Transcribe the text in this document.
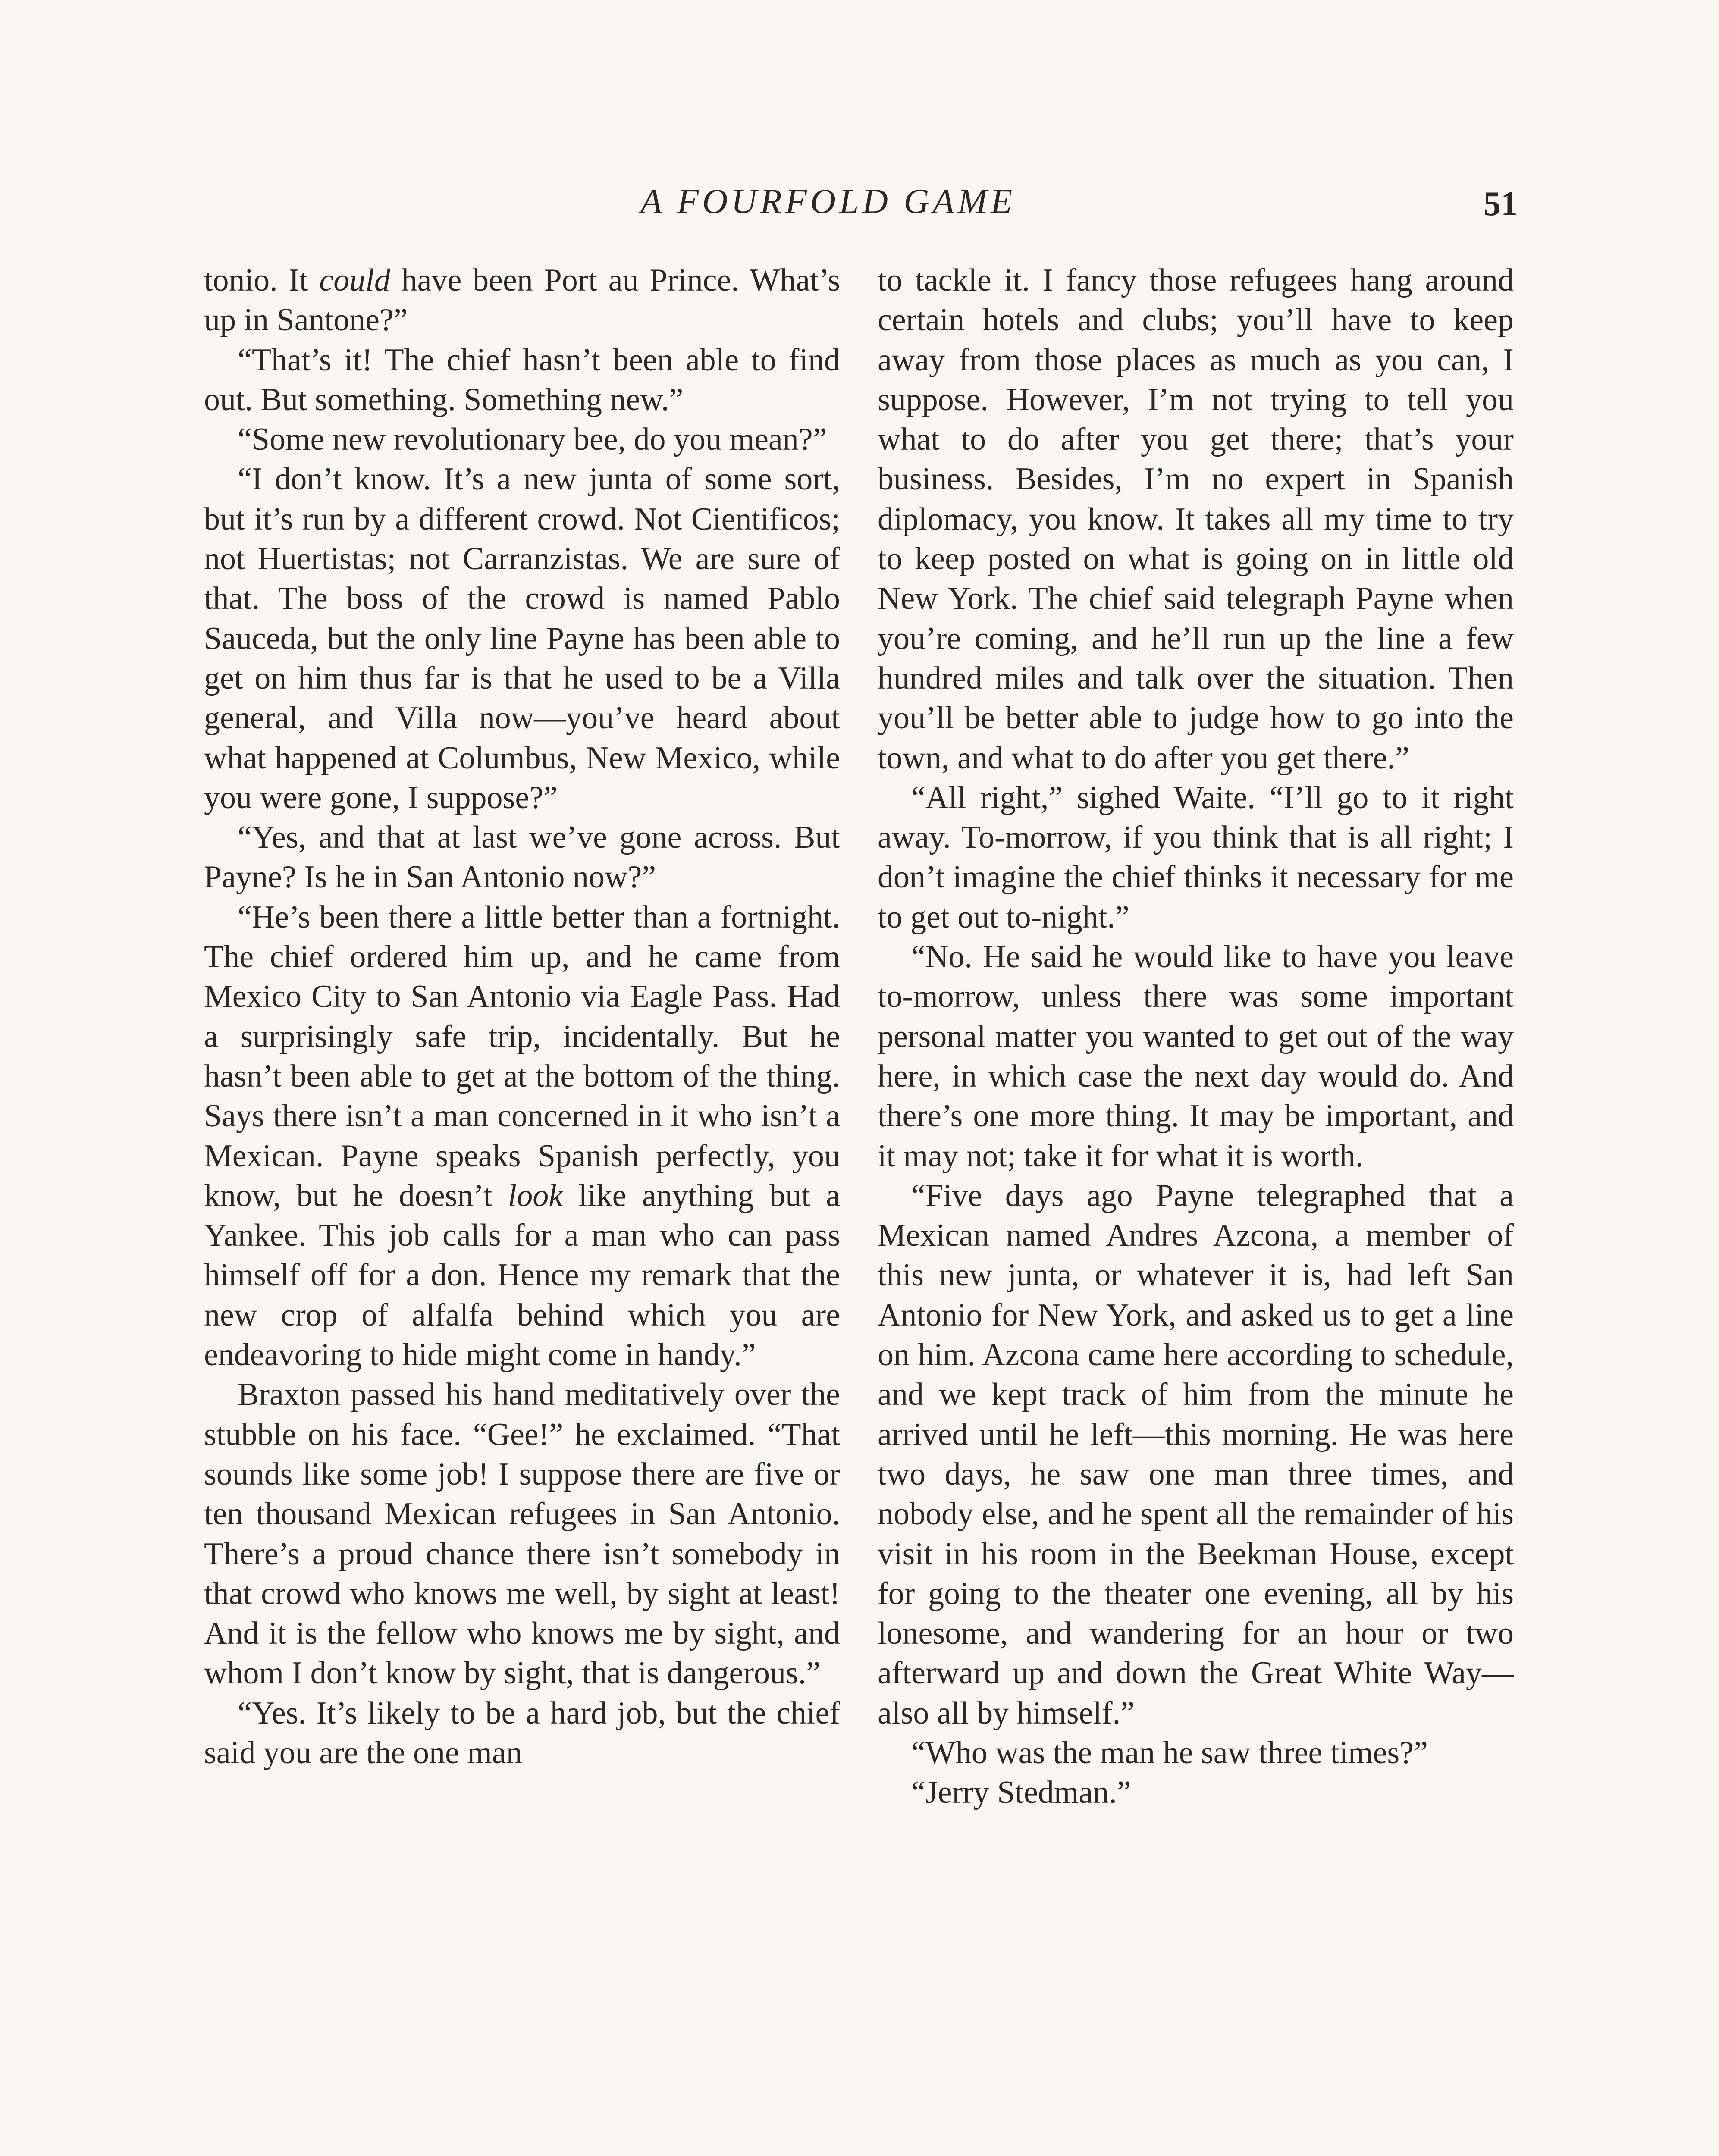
A FOURFOLD GAME	51

tonio. It could have been Port au Prince. What’s up in Santone?”

“That’s it! The chief hasn’t been able to find out. But something. Something new.”

“Some new revolutionary bee, do you mean?”

“I don’t know. It’s a new junta of some sort, but it’s run by a different crowd. Not Cientificos; not Huertistas; not Carranzistas. We are sure of that. The boss of the crowd is named Pablo Sauceda, but the only line Payne has been able to get on him thus far is that he used to be a Villa general, and Villa now—you’ve heard about what happened at Columbus, New Mexico, while you were gone, I suppose?”

“Yes, and that at last we’ve gone across. But Payne? Is he in San Antonio now?”

“He’s been there a little better than a fortnight. The chief ordered him up, and he came from Mexico City to San Antonio via Eagle Pass. Had a surprisingly safe trip, incidentally. But he hasn’t been able to get at the bottom of the thing. Says there isn’t a man concerned in it who isn’t a Mexican. Payne speaks Spanish perfectly, you know, but he doesn’t look like anything but a Yankee. This job calls for a man who can pass himself off for a don. Hence my remark that the new crop of alfalfa behind which you are endeavoring to hide might come in handy.”

Braxton passed his hand meditatively over the stubble on his face. “Gee!” he exclaimed. “That sounds like some job! I suppose there are five or ten thousand Mexican refugees in San Antonio. There’s a proud chance there isn’t somebody in that crowd who knows me well, by sight at least! And it is the fellow who knows me by sight, and whom I don’t know by sight, that is dangerous.”

“Yes. It’s likely to be a hard job, but the chief said you are the one man

to tackle it. I fancy those refugees hang around certain hotels and clubs; you’ll have to keep away from those places as much as you can, I suppose. However, I’m not trying to tell you what to do after you get there; that’s your business. Besides, I’m no expert in Spanish diplomacy, you know. It takes all my time to try to keep posted on what is going on in little old New York. The chief said telegraph Payne when you’re coming, and he’ll run up the line a few hundred miles and talk over the situation. Then you’ll be better able to judge how to go into the town, and what to do after you get there.”

“All right,” sighed Waite. “I’ll go to it right away. To-morrow, if you think that is all right; I don’t imagine the chief thinks it necessary for me to get out to-night.”

“No. He said he would like to have you leave to-morrow, unless there was some important personal matter you wanted to get out of the way here, in which case the next day would do. And there’s one more thing. It may be important, and it may not; take it for what it is worth.

“Five days ago Payne telegraphed that a Mexican named Andres Azcona, a member of this new junta, or whatever it is, had left San Antonio for New York, and asked us to get a line on him. Azcona came here according to schedule, and we kept track of him from the minute he arrived until he left—this morning. He was here two days, he saw one man three times, and nobody else, and he spent all the remainder of his visit in his room in the Beekman House, except for going to the theater one evening, all by his lonesome, and wandering for an hour or two afterward up and down the Great White Way—also all by himself.”

“Who was the man he saw three times?”

“Jerry Stedman.”
